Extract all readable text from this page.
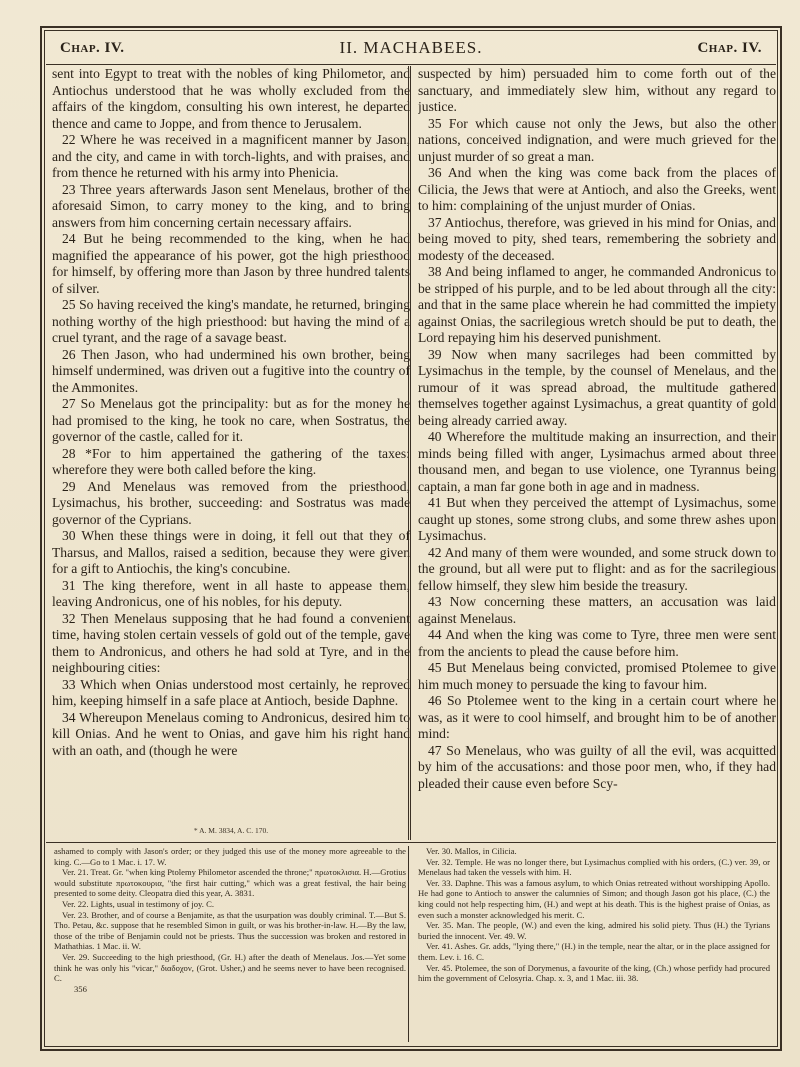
Chap. IV.	II. MACHABEES.	Chap. IV.

sent into Egypt to treat with the nobles of king Philometor, and Antiochus understood that he was wholly excluded from the affairs of the kingdom, consulting his own interest, he departed thence and came to Joppe, and from thence to Jerusalem.

22 Where he was received in a magnificent manner by Jason, and the city, and came in with torch-lights, and with praises, and from thence he returned with his army into Phenicia.

23 Three years afterwards Jason sent Menelaus, brother of the aforesaid Simon, to carry money to the king, and to bring answers from him concerning certain necessary affairs.

24 But he being recommended to the king, when he had magnified the appearance of his power, got the high priesthood for himself, by offering more than Jason by three hundred talents of silver.

25 So having received the king's mandate, he returned, bringing nothing worthy of the high priesthood: but having the mind of a cruel tyrant, and the rage of a savage beast.

26 Then Jason, who had undermined his own brother, being himself undermined, was driven out a fugitive into the country of the Ammonites.

27 So Menelaus got the principality: but as for the money he had promised to the king, he took no care, when Sostratus, the governor of the castle, called for it.

28 *For to him appertained the gathering of the taxes: wherefore they were both called before the king.

29 And Menelaus was removed from the priesthood, Lysimachus, his brother, succeeding: and Sostratus was made governor of the Cyprians.

30 When these things were in doing, it fell out that they of Tharsus, and Mallos, raised a sedition, because they were given for a gift to Antiochis, the king's concubine.

31 The king therefore, went in all haste to appease them, leaving Andronicus, one of his nobles, for his deputy.

32 Then Menelaus supposing that he had found a convenient time, having stolen certain vessels of gold out of the temple, gave them to Andronicus, and others he had sold at Tyre, and in the neighbouring cities:

33 Which when Onias understood most certainly, he reproved him, keeping himself in a safe place at Antioch, beside Daphne.

34 Whereupon Menelaus coming to Andronicus, desired him to kill Onias. And he went to Onias, and gave him his right hand with an oath, and (though he were

suspected by him) persuaded him to come forth out of the sanctuary, and immediately slew him, without any regard to justice.

35 For which cause not only the Jews, but also the other nations, conceived indignation, and were much grieved for the unjust murder of so great a man.

36 And when the king was come back from the places of Cilicia, the Jews that were at Antioch, and also the Greeks, went to him: complaining of the unjust murder of Onias.

37 Antiochus, therefore, was grieved in his mind for Onias, and being moved to pity, shed tears, remembering the sobriety and modesty of the deceased.

38 And being inflamed to anger, he commanded Andronicus to be stripped of his purple, and to be led about through all the city: and that in the same place wherein he had committed the impiety against Onias, the sacrilegious wretch should be put to death, the Lord repaying him his deserved punishment.

39 Now when many sacrileges had been committed by Lysimachus in the temple, by the counsel of Menelaus, and the rumour of it was spread abroad, the multitude gathered themselves together against Lysimachus, a great quantity of gold being already carried away.

40 Wherefore the multitude making an insurrection, and their minds being filled with anger, Lysimachus armed about three thousand men, and began to use violence, one Tyrannus being captain, a man far gone both in age and in madness.

41 But when they perceived the attempt of Lysimachus, some caught up stones, some strong clubs, and some threw ashes upon Lysimachus.

42 And many of them were wounded, and some struck down to the ground, but all were put to flight: and as for the sacrilegious fellow himself, they slew him beside the treasury.

43 Now concerning these matters, an accusation was laid against Menelaus.

44 And when the king was come to Tyre, three men were sent from the ancients to plead the cause before him.

45 But Menelaus being convicted, promised Ptolemee to give him much money to persuade the king to favour him.

46 So Ptolemee went to the king in a certain court where he was, as it were to cool himself, and brought him to be of another mind:

47 So Menelaus, who was guilty of all the evil, was acquitted by him of the accusations: and those poor men, who, if they had pleaded their cause even before Scy-

* A. M. 3834, A. C. 170.

ashamed to comply with Jason's order; or they judged this use of the money more agreeable to the king. C.—Go to 1 Mac. i. 17. W.

Ver. 21. Treat. Gr. "when king Ptolemy Philometor ascended the throne;" πρωτοκλισια. H.—Grotius would substitute πρωτοκουρια, "the first hair cutting," which was a great festival, the hair being presented to some deity. Cleopatra died this year, A. 3831.

Ver. 22. Lights, usual in testimony of joy. C.

Ver. 23. Brother, and of course a Benjamite, as that the usurpation was doubly criminal. T.—But S. Tho. Petau, &c. suppose that he resembled Simon in guilt, or was his brother-in-law. H.—By the law, those of the tribe of Benjamin could not be priests. Thus the succession was broken and restored in Mathathias. 1 Mac. ii. W.

Ver. 29. Succeeding to the high priesthood, (Gr. H.) after the death of Menelaus. Jos.—Yet some think he was only his "vicar," διαδοχον, (Grot. Usher,) and he seems never to have been recognised. C.

356

Ver. 30. Mallos, in Cilicia.

Ver. 32. Temple. He was no longer there, but Lysimachus complied with his orders, (C.) ver. 39, or Menelaus had taken the vessels with him. H.

Ver. 33. Daphne. This was a famous asylum, to which Onias retreated without worshipping Apollo. He had gone to Antioch to answer the calumnies of Simon; and though Jason got his place, (C.) the king could not help respecting him, (H.) and wept at his death. This is the highest praise of Onias, as even such a monster acknowledged his merit. C.

Ver. 35. Man. The people, (W.) and even the king, admired his solid piety. Thus (H.) the Tyrians buried the innocent. Ver. 49. W.

Ver. 41. Ashes. Gr. adds, "lying there," (H.) in the temple, near the altar, or in the place assigned for them. Lev. i. 16. C.

Ver. 45. Ptolemee, the son of Dorymenus, a favourite of the king, (Ch.) whose perfidy had procured him the government of Celosyria. Chap. x. 3, and 1 Mac. iii. 38.
